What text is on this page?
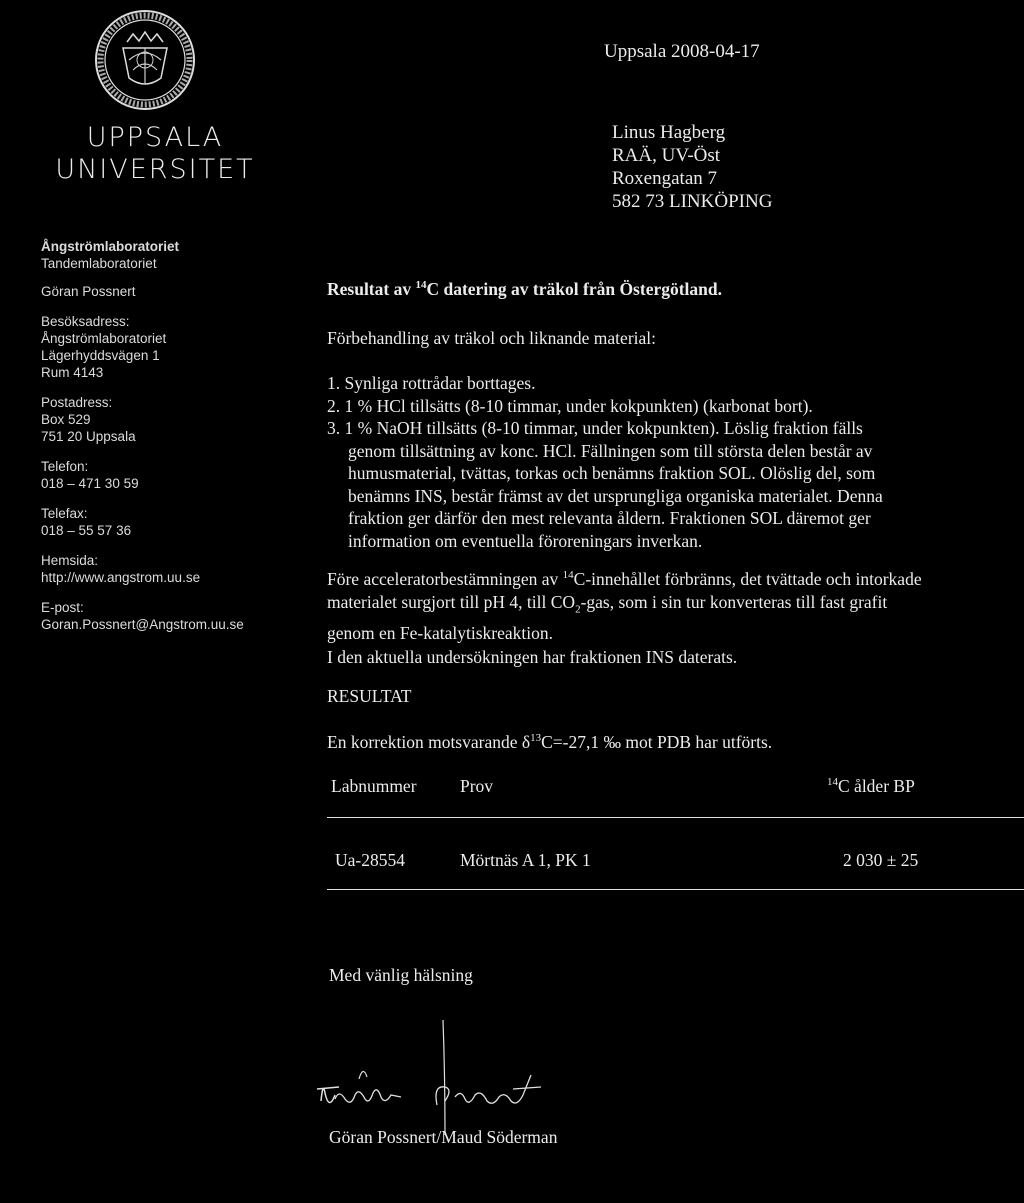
UPPSALA
UNIVERSITET
Uppsala 2008-04-17
Linus Hagberg
RAÄ, UV-Öst
Roxengatan 7
582 73 LINKÖPING
Ångströmlaboratoriet
Tandemlaboratoriet
Göran Possnert
Besöksadress:
Ångströmlaboratoriet
Lägerhyddsvägen 1
Rum 4143
Postadress:
Box 529
751 20 Uppsala
Telefon:
018 – 471 30 59
Telefax:
018 – 55 57 36
Hemsida:
http://www.angstrom.uu.se
E-post:
Goran.Possnert@Angstrom.uu.se
Resultat av $^{14}$C datering av träkol från Östergötland.
Förbehandling av träkol och liknande material:
1. Synliga rottrådar borttages.
2. 1 % HCl tillsätts (8-10 timmar, under kokpunkten) (karbonat bort).
3. 1 % NaOH tillsätts (8-10 timmar, under kokpunkten). Löslig fraktion fälls
genom tillsättning av konc. HCl. Fällningen som till största delen består av
humusmaterial, tvättas, torkas och benämns fraktion SOL. Olöslig del, som
benämns INS, består främst av det ursprungliga organiska materialet. Denna
fraktion ger därför den mest relevanta åldern. Fraktionen SOL däremot ger
information om eventuella föroreningars inverkan.
Före acceleratorbestämningen av $^{14}$C-innehållet förbränns, det tvättade och intorkade
materialet surgjort till pH 4, till $CO_2$-gas, som i sin tur konverteras till fast grafit
genom en Fe-katalytiskreaktion.
I den aktuella undersökningen har fraktionen INS daterats.
RESULTAT
En korrektion motsvarande $\delta^{13}C=-27,1$ ‰ mot PDB har utförts.
Labnummer Prov	$^{14}$C ålder BP
Ua-28554	Mörtnäs A 1, PK 1	2 030 ± 25
Med vänlig hälsning
Göran Possnert/Maud Söderman
